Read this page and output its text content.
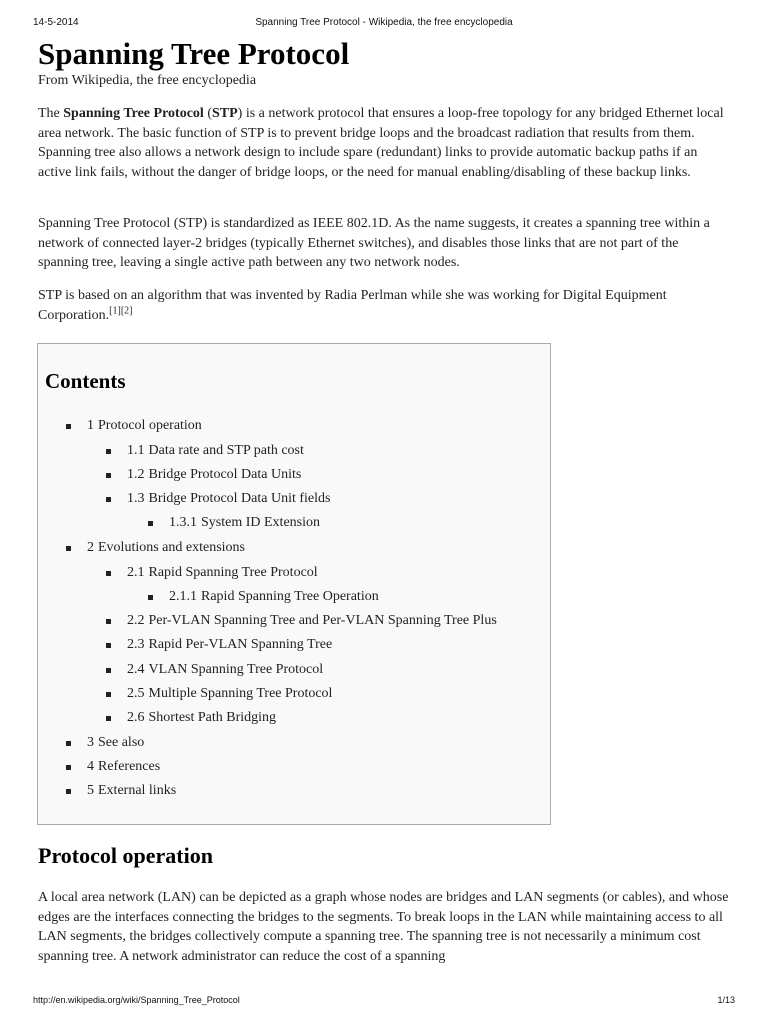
14-5-2014	Spanning Tree Protocol - Wikipedia, the free encyclopedia
Spanning Tree Protocol
From Wikipedia, the free encyclopedia

The Spanning Tree Protocol (STP) is a network protocol that ensures a loop-free topology for any bridged Ethernet local area network. The basic function of STP is to prevent bridge loops and the broadcast radiation that results from them. Spanning tree also allows a network design to include spare (redundant) links to provide automatic backup paths if an active link fails, without the danger of bridge loops, or the need for manual enabling/disabling of these backup links.

Spanning Tree Protocol (STP) is standardized as IEEE 802.1D. As the name suggests, it creates a spanning tree within a network of connected layer-2 bridges (typically Ethernet switches), and disables those links that are not part of the spanning tree, leaving a single active path between any two network nodes.

STP is based on an algorithm that was invented by Radia Perlman while she was working for Digital Equipment Corporation.[1][2]

Contents
1 Protocol operation
1.1 Data rate and STP path cost
1.2 Bridge Protocol Data Units
1.3 Bridge Protocol Data Unit fields
1.3.1 System ID Extension
2 Evolutions and extensions
2.1 Rapid Spanning Tree Protocol
2.1.1 Rapid Spanning Tree Operation
2.2 Per-VLAN Spanning Tree and Per-VLAN Spanning Tree Plus
2.3 Rapid Per-VLAN Spanning Tree
2.4 VLAN Spanning Tree Protocol
2.5 Multiple Spanning Tree Protocol
2.6 Shortest Path Bridging
3 See also
4 References
5 External links
Protocol operation

A local area network (LAN) can be depicted as a graph whose nodes are bridges and LAN segments (or cables), and whose edges are the interfaces connecting the bridges to the segments. To break loops in the LAN while maintaining access to all LAN segments, the bridges collectively compute a spanning tree. The spanning tree is not necessarily a minimum cost spanning tree. A network administrator can reduce the cost of a spanning

http://en.wikipedia.org/wiki/Spanning_Tree_Protocol	1/13
